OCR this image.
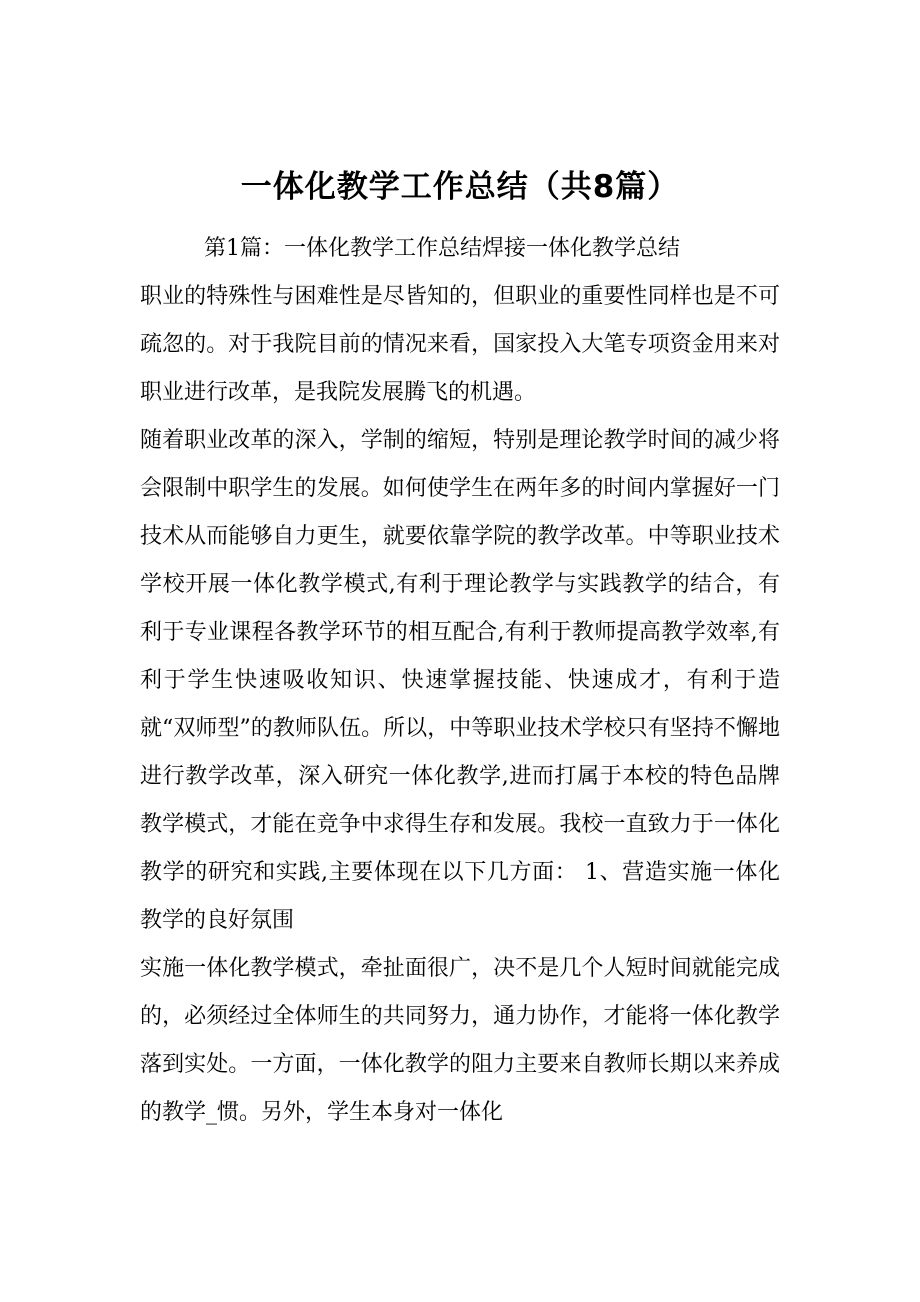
一体化教学工作总结（共8篇）

第1篇：一体化教学工作总结焊接一体化教学总结

职业的特殊性与困难性是尽皆知的，但职业的重要性同样也是不可疏忽的。对于我院目前的情况来看，国家投入大笔专项资金用来对职业进行改革，是我院发展腾飞的机遇。

随着职业改革的深入，学制的缩短，特别是理论教学时间的减少将会限制中职学生的发展。如何使学生在两年多的时间内掌握好一门技术从而能够自力更生，就要依靠学院的教学改革。中等职业技术学校开展一体化教学模式,有利于理论教学与实践教学的结合，有利于专业课程各教学环节的相互配合,有利于教师提高教学效率,有利于学生快速吸收知识、快速掌握技能、快速成才，有利于造就“双师型”的教师队伍。所以，中等职业技术学校只有坚持不懈地进行教学改革，深入研究一体化教学,进而打属于本校的特色品牌教学模式，才能在竞争中求得生存和发展。我校一直致力于一体化教学的研究和实践,主要体现在以下几方面： 1、营造实施一体化教学的良好氛围

实施一体化教学模式，牵扯面很广，决不是几个人短时间就能完成的，必须经过全体师生的共同努力，通力协作，才能将一体化教学落到实处。一方面，一体化教学的阻力主要来自教师长期以来养成的教学_惯。另外，学生本身对一体化
